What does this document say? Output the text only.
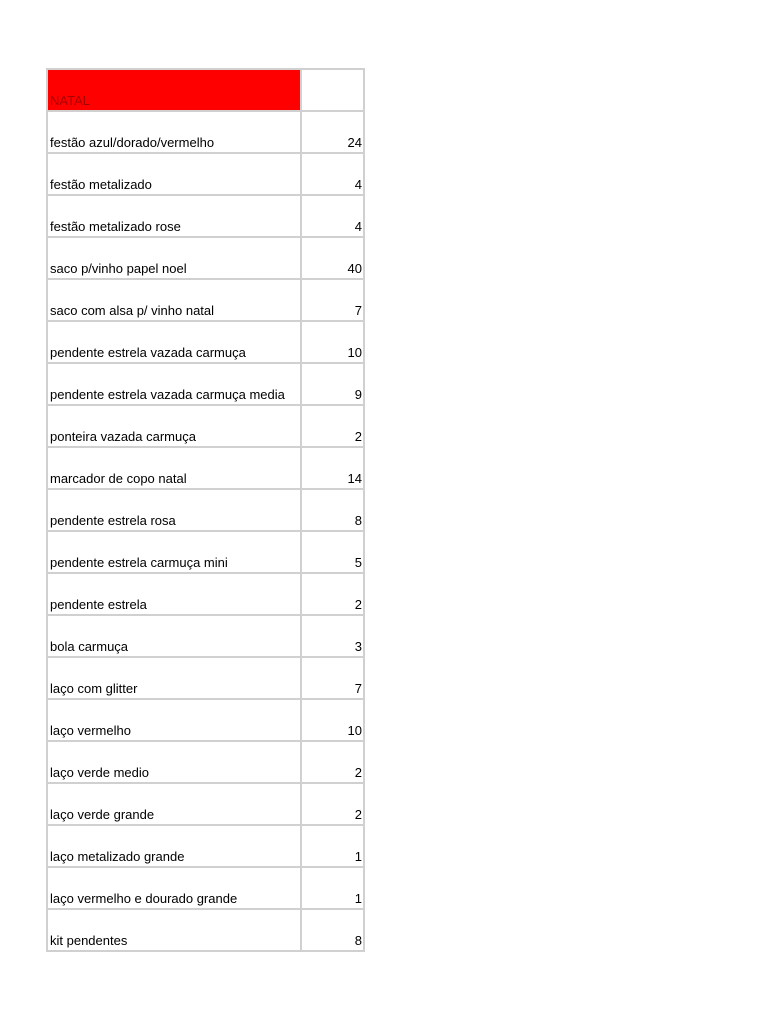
NATAL	
festão azul/dorado/vermelho	24
festão metalizado	4
festão metalizado rose	4
saco p/vinho papel noel	40
saco com alsa p/ vinho natal	7
pendente estrela vazada carmuça	10
pendente estrela vazada carmuça media	9
ponteira vazada carmuça	2
marcador de copo natal	14
pendente estrela rosa	8
pendente estrela carmuça mini	5
pendente estrela	2
bola carmuça	3
laço com glitter	7
laço vermelho	10
laço verde medio	2
laço verde grande	2
laço metalizado grande	1
laço vermelho e dourado grande	1
kit pendentes	8
